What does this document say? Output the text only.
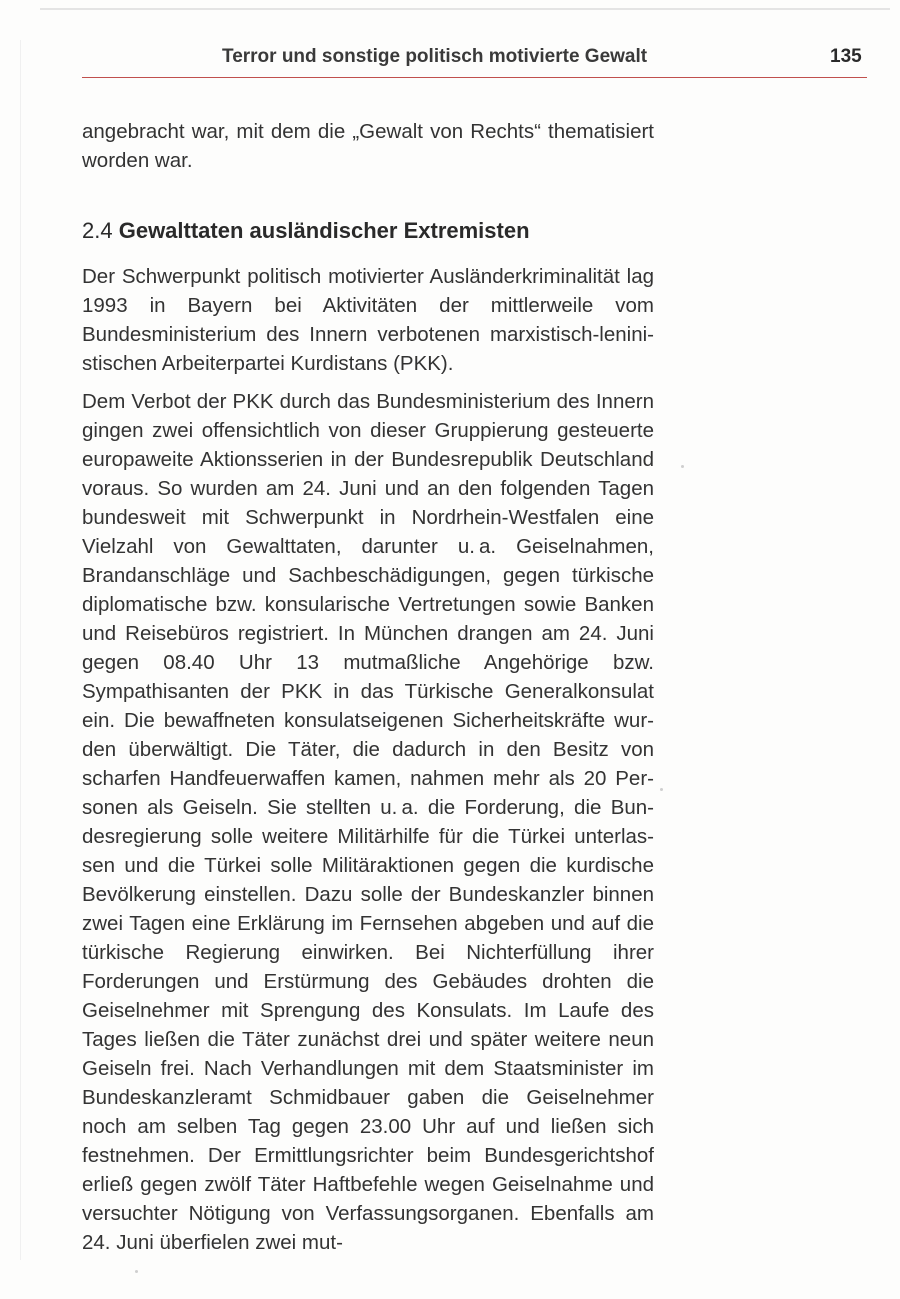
Terror und sonstige politisch motivierte Gewalt	135

angebracht war, mit dem die „Gewalt von Rechts“ thematisiert worden war.

2.4 Gewalttaten ausländischer Extremisten

Der Schwerpunkt politisch motivierter Ausländerkriminalität lag 1993 in Bayern bei Aktivitäten der mittlerweile vom Bundesministerium des Innern verbotenen marxistisch-leninistischen Arbeiterpartei Kurdistans (PKK).

Dem Verbot der PKK durch das Bundesministerium des Innern gingen zwei offensichtlich von dieser Gruppierung gesteuerte europaweite Aktionsserien in der Bundesrepublik Deutschland voraus. So wurden am 24. Juni und an den folgenden Tagen bundesweit mit Schwerpunkt in Nordrhein-Westfalen eine Vielzahl von Gewalttaten, darunter u. a. Geiselnahmen, Brandanschläge und Sachbeschädigungen, gegen türkische diplomatische bzw. konsularische Vertretungen sowie Banken und Reisebüros registriert. In München drangen am 24. Juni gegen 08.40 Uhr 13 mutmaßliche Angehörige bzw. Sympathisanten der PKK in das Türkische Generalkonsulat ein. Die bewaffneten konsulatseigenen Sicherheitskräfte wurden überwältigt. Die Täter, die dadurch in den Besitz von scharfen Handfeuerwaffen kamen, nahmen mehr als 20 Personen als Geiseln. Sie stellten u. a. die Forderung, die Bundesregierung solle weitere Militärhilfe für die Türkei unterlassen und die Türkei solle Militäraktionen gegen die kurdische Bevölkerung einstellen. Dazu solle der Bundeskanzler binnen zwei Tagen eine Erklärung im Fernsehen abgeben und auf die türkische Regierung einwirken. Bei Nichterfüllung ihrer Forderungen und Erstürmung des Gebäudes drohten die Geiselnehmer mit Sprengung des Konsulats. Im Laufe des Tages ließen die Täter zunächst drei und später weitere neun Geiseln frei. Nach Verhandlungen mit dem Staatsminister im Bundeskanzleramt Schmidbauer gaben die Geiselnehmer noch am selben Tag gegen 23.00 Uhr auf und ließen sich festnehmen. Der Ermittlungsrichter beim Bundesgerichtshof erließ gegen zwölf Täter Haftbefehle wegen Geiselnahme und versuchter Nötigung von Verfassungsorganen. Ebenfalls am 24. Juni überfielen zwei mut-
